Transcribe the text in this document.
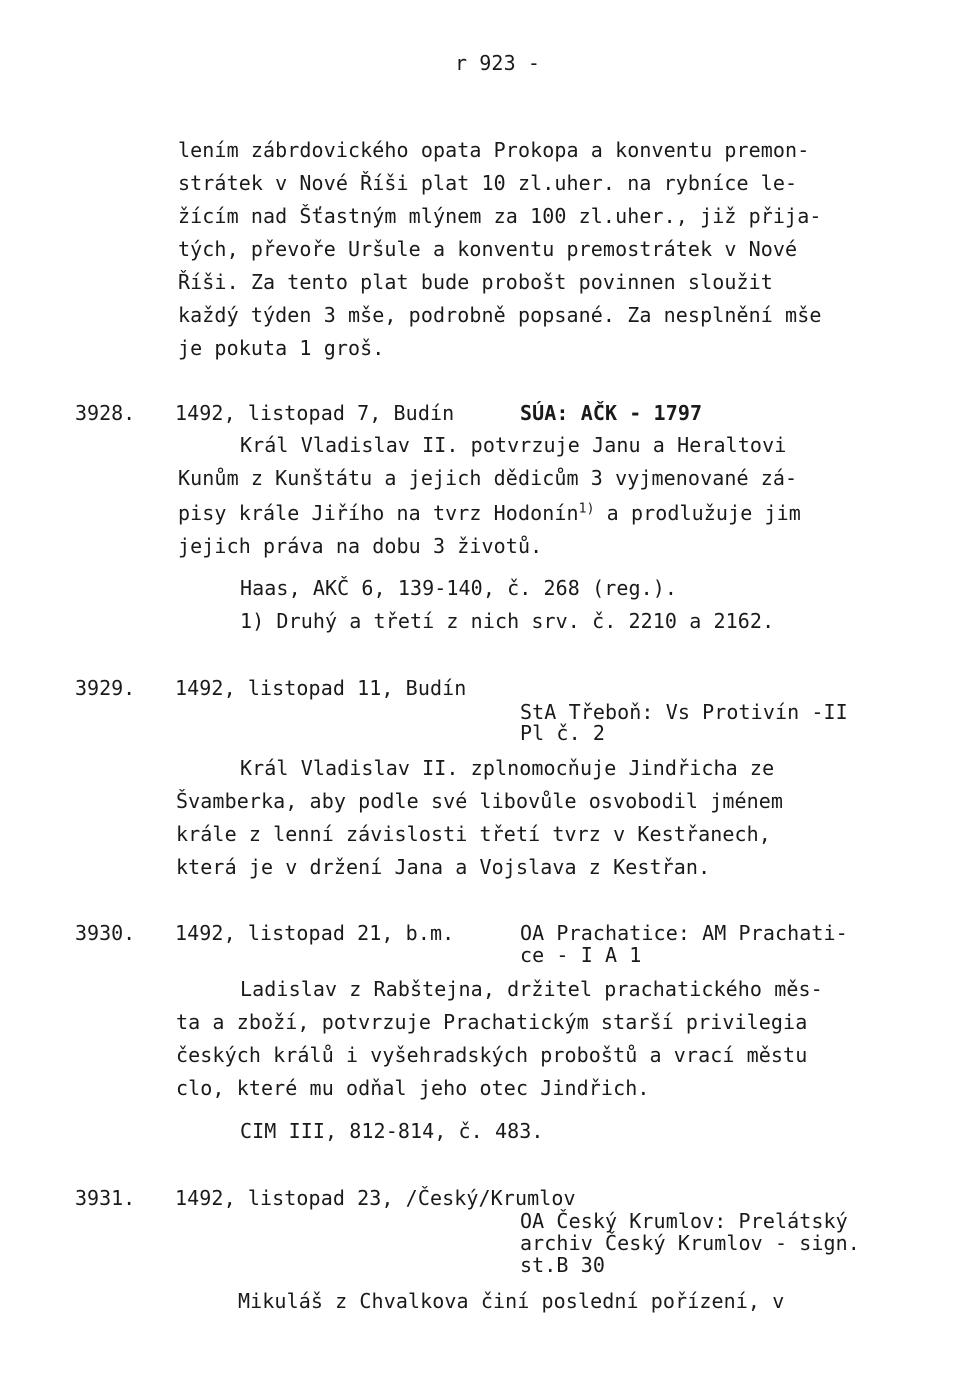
r 923 -
lením zábrdovického opata Prokopa a konventu premon-
strátek v Nové Říši plat 10 zl.uher. na rybníce le-
žícím nad Šťastným mlýnem za 100 zl.uher., již přija-
tých, převoře Uršule a konventu premostrátek v Nové
Říši. Za tento plat bude probošt povinnen sloužit
každý týden 3 mše, podrobně popsané. Za nesplnění mše
je pokuta 1 groš.
3928. 1492, listopad 7, Budín	SÚA: AČK - 1797
Král Vladislav II. potvrzuje Janu a Heraltovi
Kunům z Kunštátu a jejich dědicům 3 vyjmenované zá-
pisy krále Jiřího na tvrz Hodonín$^{1)}$ a prodlužuje jim
jejich práva na dobu 3 životů.
Haas, AKČ 6, 139-140, č. 268 (reg.).
1) Druhý a třetí z nich srv. č. 2210 a 2162.
3929. 1492, listopad 11, Budín
StA Třeboň: Vs Protivín -II
Pl č. 2
Král Vladislav II. zplnomocňuje Jindřicha ze
Švamberka, aby podle své libovůle osvobodil jménem
krále z lenní závislosti třetí tvrz v Kestřanech,
která je v držení Jana a Vojslava z Kestřan.
3930. 1492, listopad 21, b.m.	OA Prachatice: AM Prachati-
ce - I A 1
Ladislav z Rabštejna, držitel prachatického měs-
ta a zboží, potvrzuje Prachatickým starší privilegia
českých králů i vyšehradských proboštů a vrací městu
clo, které mu odňal jeho otec Jindřich.
CIM III, 812-814, č. 483.
3931. 1492, listopad 23, /Český/Krumlov
OA Český Krumlov: Prelátský
archiv Český Krumlov - sign.
st.B 30
Mikuláš z Chvalkova činí poslední pořízení, v
